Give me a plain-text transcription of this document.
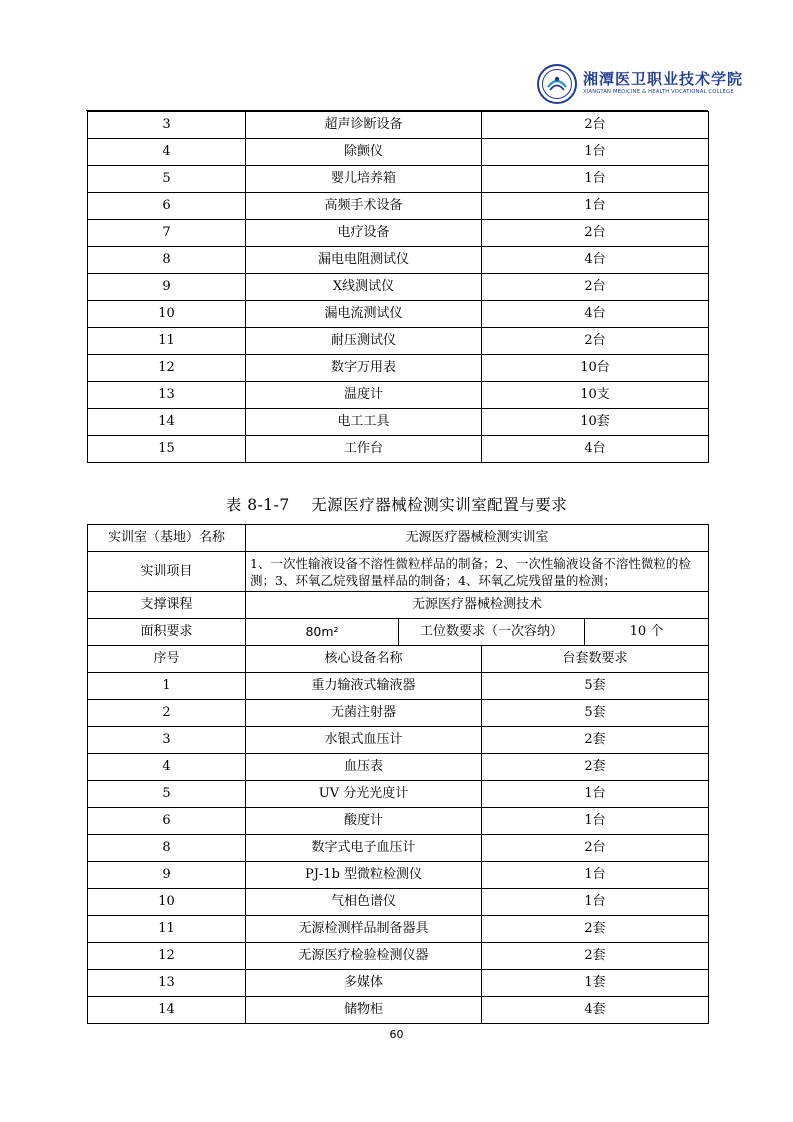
湘潭医卫职业技术学院
XIANGTAN MEDICINE & HEALTH VOCATIONAL COLLEGE
3	超声诊断设备	2台
4	除颤仪	1台
5	婴儿培养箱	1台
6	高频手术设备	1台
7	电疗设备	2台
8	漏电电阻测试仪	4台
9	X线测试仪	2台
10	漏电流测试仪	4台
11	耐压测试仪	2台
12	数字万用表	10台
13	温度计	10支
14	电工工具	10套
15	工作台	4台
表 8-1-7　 无源医疗器械检测实训室配置与要求
实训室（基地）名称	无源医疗器械检测实训室			
实训项目	1、一次性输液设备不溶性微粒样品的制备；2、一次性输液设备不溶性微粒的检测；3、环氧乙烷残留量样品的制备；4、环氧乙烷残留量的检测；			
支撑课程	无源医疗器械检测技术			
面积要求	80m²	工位数要求（一次容纳）		10 个
序号	核心设备名称		台套数要求	
1	重力输液式输液器		5套	
2	无菌注射器		5套	
3	水银式血压计		2套	
4	血压表		2套	
5	UV 分光光度计		1台	
6	酸度计		1台	
8	数字式电子血压计		2台	
9	PJ-1b 型微粒检测仪		1台	
10	气相色谱仪		1台	
11	无源检测样品制备器具		2套	
12	无源医疗检验检测仪器		2套	
13	多媒体		1套	
14	储物柜		4套	
60
